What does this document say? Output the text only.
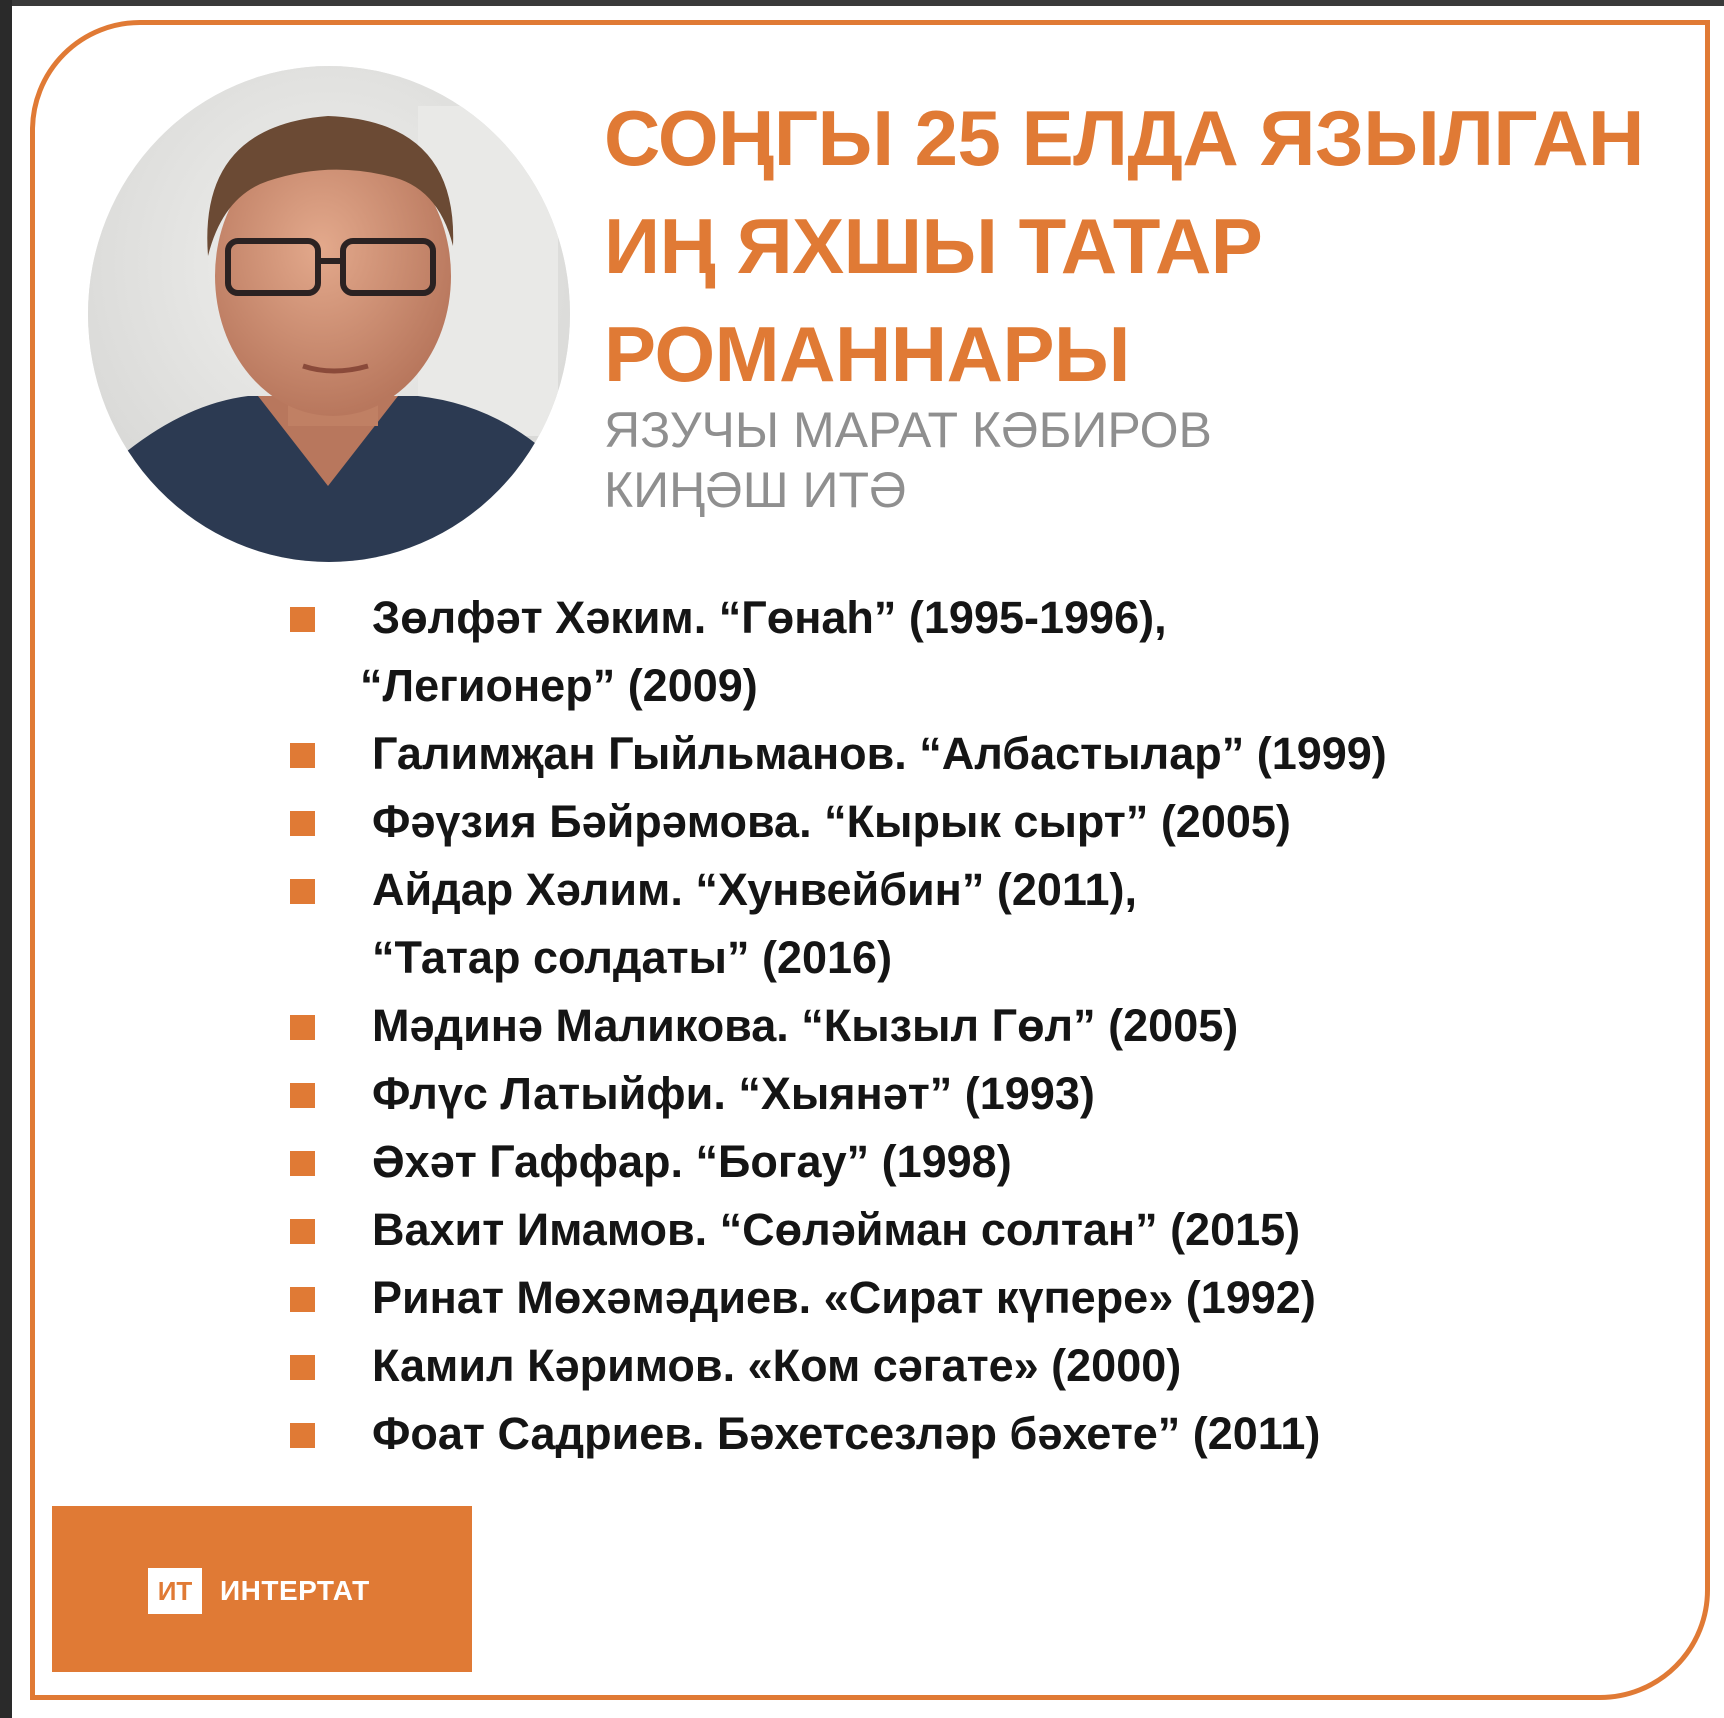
СОҢГЫ 25 ЕЛДА ЯЗЫЛГАН
ИҢ ЯХШЫ ТАТАР
РОМАННАРЫ
ЯЗУЧЫ МАРАТ КӘБИРОВ
КИҢӘШ ИТӘ
Зөлфәт Хәким. “Гөнаһ” (1995-1996),
“Легионер” (2009)
Галимҗан Гыйльманов. “Албастылар” (1999)
Фәүзия Бәйрәмова. “Кырык сырт” (2005)
Айдар Хәлим. “Хунвейбин” (2011),
“Татар солдаты” (2016)
Мәдинә Маликова. “Кызыл Гөл” (2005)
Флүс Латыйфи. “Хыянәт” (1993)
Әхәт Гаффар. “Богау” (1998)
Вахит Имамов. “Сөләйман солтан” (2015)
Ринат Мөхәмәдиев. «Сират күпере» (1992)
Камил Кәримов. «Ком сәгате» (2000)
Фоат Садриев. Бәхетсезләр бәхете” (2011)
ИТ ИНТЕРТАТ
